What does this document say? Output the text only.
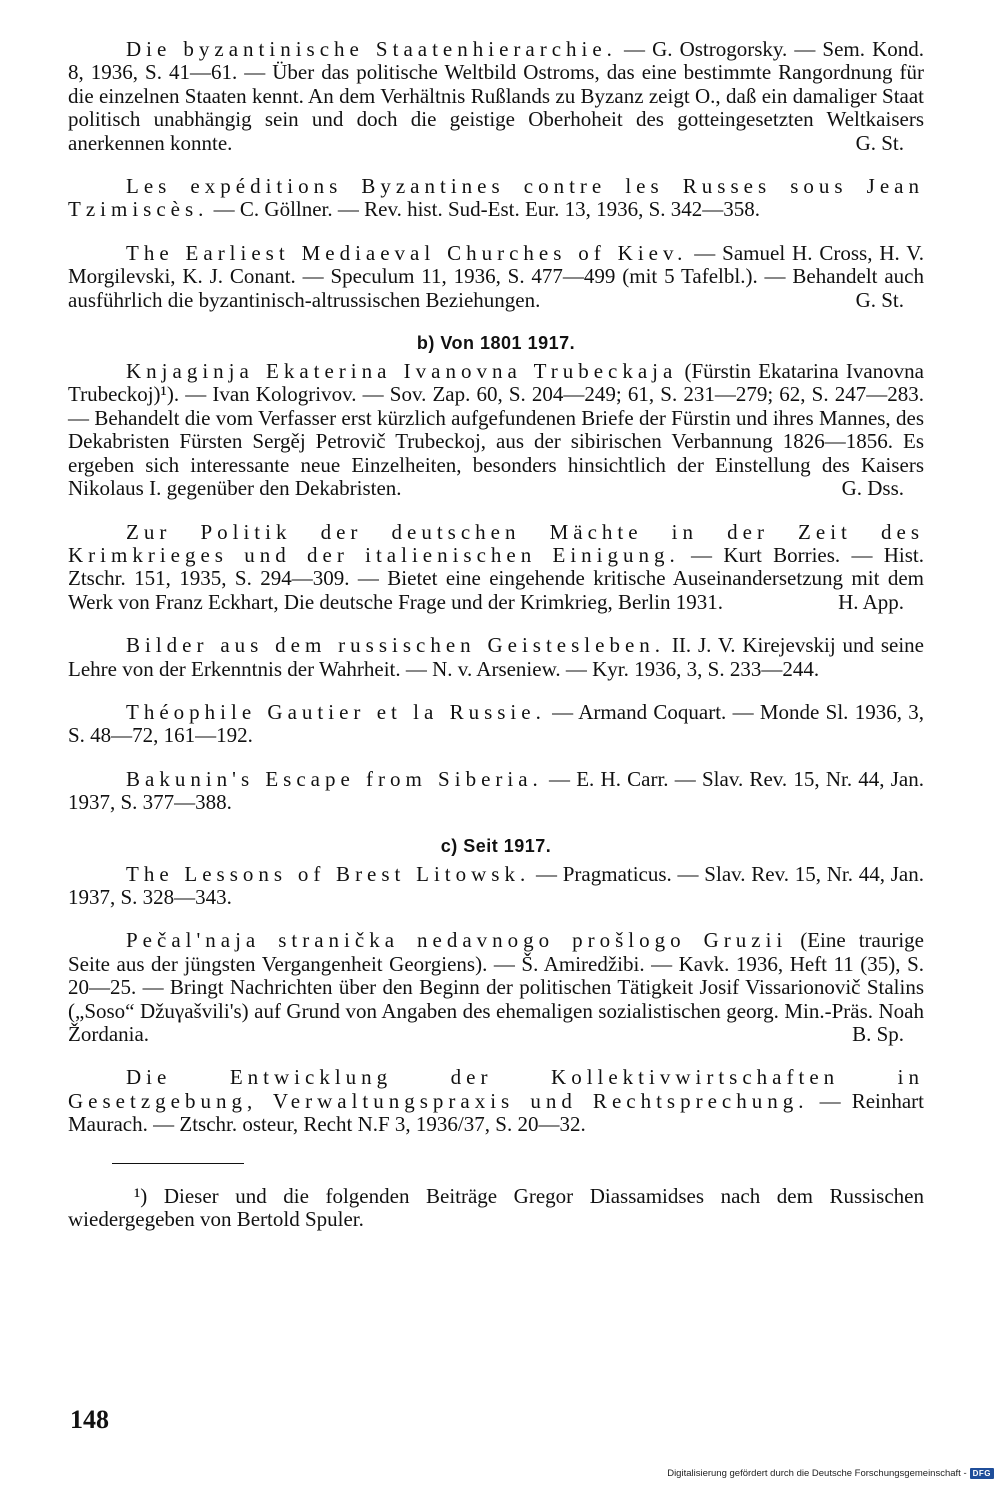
Die byzantinische Staatenhierarchie. — G. Ostrogorsky. — Sem. Kond. 8, 1936, S. 41—61. — Über das politische Weltbild Ostroms, das eine bestimmte Rangordnung für die einzelnen Staaten kennt. An dem Verhältnis Rußlands zu Byzanz zeigt O., daß ein damaliger Staat politisch unabhängig sein und doch die geistige Oberhoheit des gotteingesetzten Weltkaisers anerkennen konnte.	G. St.

Les expéditions Byzantines contre les Russes sous Jean Tzimiscès. — C. Göllner. — Rev. hist. Sud-Est. Eur. 13, 1936, S. 342—358.

The Earliest Mediaeval Churches of Kiev. — Samuel H. Cross, H. V. Morgilevski, K. J. Conant. — Speculum 11, 1936, S. 477—499 (mit 5 Tafelbl.). — Behandelt auch ausführlich die byzantinisch-altrussischen Beziehungen.	G. St.

b) Von 1801 1917.

Knjaginja Ekaterina Ivanovna Trubeckaja (Fürstin Ekatarina Ivanovna Trubeckoj)¹). — Ivan Kologrivov. — Sov. Zap. 60, S. 204—249; 61, S. 231—279; 62, S. 247—283. — Behandelt die vom Verfasser erst kürzlich aufgefundenen Briefe der Fürstin und ihres Mannes, des Dekabristen Fürsten Sergěj Petrovič Trubeckoj, aus der sibirischen Verbannung 1826—1856. Es ergeben sich interessante neue Einzelheiten, besonders hinsichtlich der Einstellung des Kaisers Nikolaus I. gegenüber den Dekabristen.	G. Dss.

Zur Politik der deutschen Mächte in der Zeit des Krimkrieges und der italienischen Einigung. — Kurt Borries. — Hist. Ztschr. 151, 1935, S. 294—309. — Bietet eine eingehende kritische Auseinandersetzung mit dem Werk von Franz Eckhart, Die deutsche Frage und der Krimkrieg, Berlin 1931.	H. App.

Bilder aus dem russischen Geistesleben. II. J. V. Kirejevskij und seine Lehre von der Erkenntnis der Wahrheit. — N. v. Arseniew. — Kyr. 1936, 3, S. 233—244.

Théophile Gautier et la Russie. — Armand Coquart. — Monde Sl. 1936, 3, S. 48—72, 161—192.

Bakunin's Escape from Siberia. — E. H. Carr. — Slav. Rev. 15, Nr. 44, Jan. 1937, S. 377—388.

c) Seit 1917.

The Lessons of Brest Litowsk. — Pragmaticus. — Slav. Rev. 15, Nr. 44, Jan. 1937, S. 328—343.

Pečal'naja stranička nedavnogo prošlogo Gruzii (Eine traurige Seite aus der jüngsten Vergangenheit Georgiens). — Š. Amiredžibi. — Kavk. 1936, Heft 11 (35), S. 20—25. — Bringt Nachrichten über den Beginn der politischen Tätigkeit Josif Vissarionovič Stalins („Soso“ Džuγašvili's) auf Grund von Angaben des ehemaligen sozialistischen georg. Min.-Präs. Noah Žordania.	B. Sp.

Die Entwicklung der Kollektivwirtschaften in Gesetzgebung, Verwaltungspraxis und Rechtsprechung. — Reinhart Maurach. — Ztschr. osteur, Recht N.F 3, 1936/37, S. 20—32.

¹) Dieser und die folgenden Beiträge Gregor Diassamidses nach dem Russischen wiedergegeben von Bertold Spuler.

148
Digitalisierung gefördert durch die Deutsche Forschungsgemeinschaft - DFG
